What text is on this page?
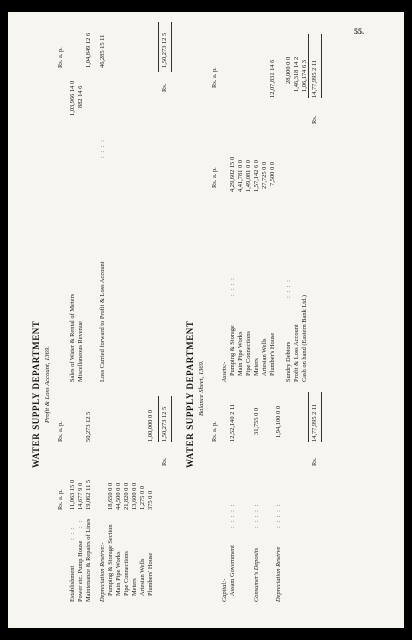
55.
WATER SUPPLY DEPARTMENT Profit & Loss Account, 1369.
Rs. a. p.
Rs. a. p.
Rs. a. p.
Establishment
: : :
11,063 15 0
Power etc. Pump House
: :
14,677 9 0
Maintenance & Repairs of Lines
19,062 11 5
50,273 12 5
Depreciation Reserve:- Pumping & Storage Section
18,650 0 0
Main Pipe Works
44,500 0 0
Pipe Connections
21,820 0 0
Meters
13,600 0 0
Artesian Wells
1,275 0 0
Plumbers' House
375 0 0
1,00,000 0 0
Rs.
1,50,273 12 5
Sales of Water & Rental of Meters
1,03,966 14 0
Miscellaneous Revenue
882 14 6
1,04,849 12 6
Loss Carried forward to Profit & Loss Account
: : : :
46,285 15 11
Rs.
1,50,273 12 5
WATER SUPPLY DEPARTMENT Balance Sheet, 1369.
Rs. a. p.
Rs. a. p.
Rs. a. p.
Capital:- Assam Government
: : : : :
12,52,140 2 11
Consumer's Deposits
: : : : :
31,755 0 0
Depreciation Reserve
: : : : :
1,94,100 0 0
Rs.
14,77,995 2 11
Assets:- Pumping & Storage
: : : :
4,29,602 15 0
Main Pipe Works
4,41,781 0 0
Pipe Connections
1,49,081 0 0
Meters
1,57,142 6 0
Artesian Wells
27,725 0 0
Plumber's House
7,500 0 0
12,07,831 14 6
Sundry Debtors
: : : :
28,000 0 0
Profit & Loss Account
1,46,318 14 2
Cash on hand (Eastern Bank Ltd.)
1,06,174 6 3
Rs.
14,77,995 2 11
